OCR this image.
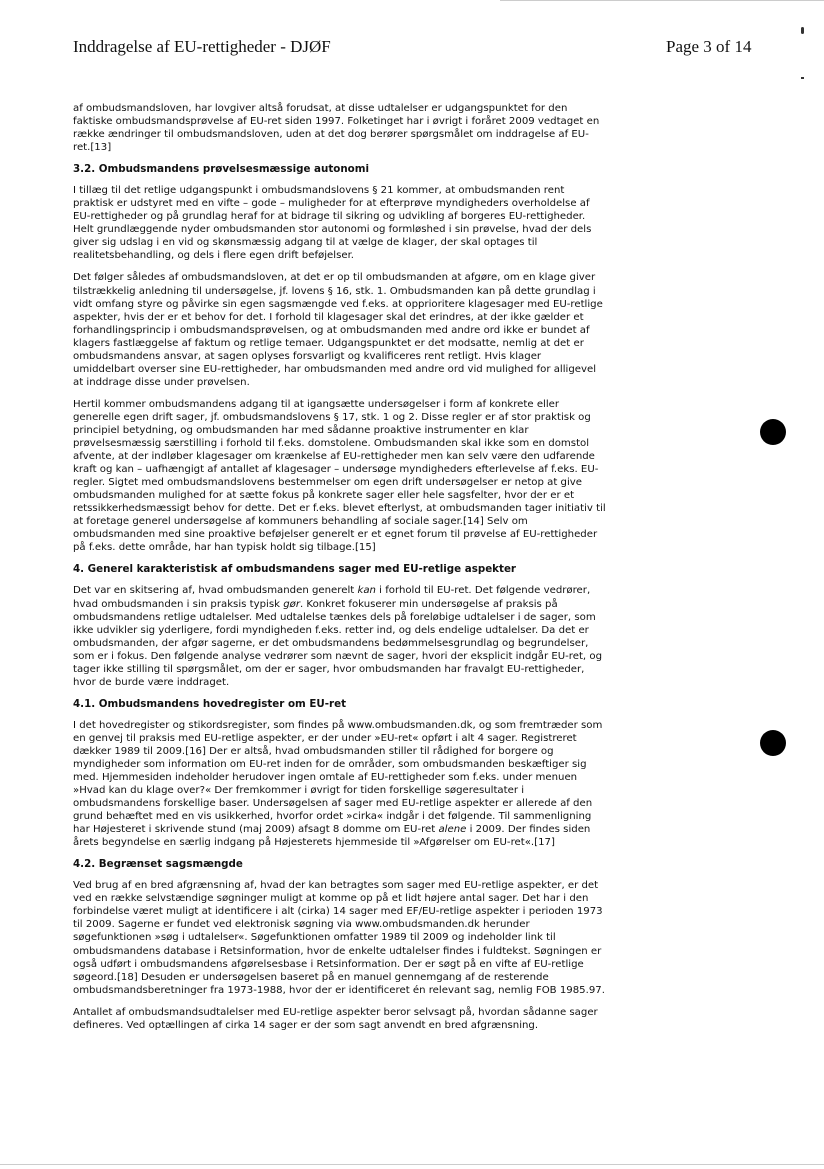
Inddragelse af EU-rettigheder - DJØF	Page 3 of 14

af ombudsmandsloven, har lovgiver altså forudsat, at disse udtalelser er udgangspunktet for den faktiske ombudsmandsprøvelse af EU-ret siden 1997. Folketinget har i øvrigt i foråret 2009 vedtaget en række ændringer til ombudsmandsloven, uden at det dog berører spørgsmålet om inddragelse af EU-ret.[13]

3.2. Ombudsmandens prøvelsesmæssige autonomi

I tillæg til det retlige udgangspunkt i ombudsmandslovens § 21 kommer, at ombudsmanden rent praktisk er udstyret med en vifte – gode – muligheder for at efterprøve myndigheders overholdelse af EU-rettigheder og på grundlag heraf for at bidrage til sikring og udvikling af borgeres EU-rettigheder. Helt grundlæggende nyder ombudsmanden stor autonomi og formløshed i sin prøvelse, hvad der dels giver sig udslag i en vid og skønsmæssig adgang til at vælge de klager, der skal optages til realitetsbehandling, og dels i flere egen drift beføjelser.

Det følger således af ombudsmandsloven, at det er op til ombudsmanden at afgøre, om en klage giver tilstrækkelig anledning til undersøgelse, jf. lovens § 16, stk. 1. Ombudsmanden kan på dette grundlag i vidt omfang styre og påvirke sin egen sagsmængde ved f.eks. at opprioritere klagesager med EU-retlige aspekter, hvis der er et behov for det. I forhold til klagesager skal det erindres, at der ikke gælder et forhandlingsprincip i ombudsmandsprøvelsen, og at ombudsmanden med andre ord ikke er bundet af klagers fastlæggelse af faktum og retlige temaer. Udgangspunktet er det modsatte, nemlig at det er ombudsmandens ansvar, at sagen oplyses forsvarligt og kvalificeres rent retligt. Hvis klager umiddelbart overser sine EU-rettigheder, har ombudsmanden med andre ord vid mulighed for alligevel at inddrage disse under prøvelsen.

Hertil kommer ombudsmandens adgang til at igangsætte undersøgelser i form af konkrete eller generelle egen drift sager, jf. ombudsmandslovens § 17, stk. 1 og 2. Disse regler er af stor praktisk og principiel betydning, og ombudsmanden har med sådanne proaktive instrumenter en klar prøvelsesmæssig særstilling i forhold til f.eks. domstolene. Ombudsmanden skal ikke som en domstol afvente, at der indløber klagesager om krænkelse af EU-rettigheder men kan selv være den udfarende kraft og kan – uafhængigt af antallet af klagesager – undersøge myndigheders efterlevelse af f.eks. EU-regler. Sigtet med ombudsmandslovens bestemmelser om egen drift undersøgelser er netop at give ombudsmanden mulighed for at sætte fokus på konkrete sager eller hele sagsfelter, hvor der er et retssikkerhedsmæssigt behov for dette. Det er f.eks. blevet efterlyst, at ombudsmanden tager initiativ til at foretage generel undersøgelse af kommuners behandling af sociale sager.[14] Selv om ombudsmanden med sine proaktive beføjelser generelt er et egnet forum til prøvelse af EU-rettigheder på f.eks. dette område, har han typisk holdt sig tilbage.[15]

4. Generel karakteristisk af ombudsmandens sager med EU-retlige aspekter

Det var en skitsering af, hvad ombudsmanden generelt kan i forhold til EU-ret. Det følgende vedrører, hvad ombudsmanden i sin praksis typisk gør. Konkret fokuserer min undersøgelse af praksis på ombudsmandens retlige udtalelser. Med udtalelse tænkes dels på foreløbige udtalelser i de sager, som ikke udvikler sig yderligere, fordi myndigheden f.eks. retter ind, og dels endelige udtalelser. Da det er ombudsmanden, der afgør sagerne, er det ombudsmandens bedømmelsesgrundlag og begrundelser, som er i fokus. Den følgende analyse vedrører som nævnt de sager, hvori der eksplicit indgår EU-ret, og tager ikke stilling til spørgsmålet, om der er sager, hvor ombudsmanden har fravalgt EU-rettigheder, hvor de burde være inddraget.

4.1. Ombudsmandens hovedregister om EU-ret

I det hovedregister og stikordsregister, som findes på www.ombudsmanden.dk, og som fremtræder som en genvej til praksis med EU-retlige aspekter, er der under »EU-ret« opført i alt 4 sager. Registreret dækker 1989 til 2009.[16] Der er altså, hvad ombudsmanden stiller til rådighed for borgere og myndigheder som information om EU-ret inden for de områder, som ombudsmanden beskæftiger sig med. Hjemmesiden indeholder herudover ingen omtale af EU-rettigheder som f.eks. under menuen »Hvad kan du klage over?« Der fremkommer i øvrigt for tiden forskellige søgeresultater i ombudsmandens forskellige baser. Undersøgelsen af sager med EU-retlige aspekter er allerede af den grund behæftet med en vis usikkerhed, hvorfor ordet »cirka« indgår i det følgende. Til sammenligning har Højesteret i skrivende stund (maj 2009) afsagt 8 domme om EU-ret alene i 2009. Der findes siden årets begyndelse en særlig indgang på Højesterets hjemmeside til »Afgørelser om EU-ret«.[17]

4.2. Begrænset sagsmængde

Ved brug af en bred afgrænsning af, hvad der kan betragtes som sager med EU-retlige aspekter, er det ved en række selvstændige søgninger muligt at komme op på et lidt højere antal sager. Det har i den forbindelse været muligt at identificere i alt (cirka) 14 sager med EF/EU-retlige aspekter i perioden 1973 til 2009. Sagerne er fundet ved elektronisk søgning via www.ombudsmanden.dk herunder søgefunktionen »søg i udtalelser«. Søgefunktionen omfatter 1989 til 2009 og indeholder link til ombudsmandens database i Retsinformation, hvor de enkelte udtalelser findes i fuldtekst. Søgningen er også udført i ombudsmandens afgørelsesbase i Retsinformation. Der er søgt på en vifte af EU-retlige søgeord.[18] Desuden er undersøgelsen baseret på en manuel gennemgang af de resterende ombudsmandsberetninger fra 1973-1988, hvor der er identificeret én relevant sag, nemlig FOB 1985.97.

Antallet af ombudsmandsudtalelser med EU-retlige aspekter beror selvsagt på, hvordan sådanne sager defineres. Ved optællingen af cirka 14 sager er der som sagt anvendt en bred afgrænsning.
